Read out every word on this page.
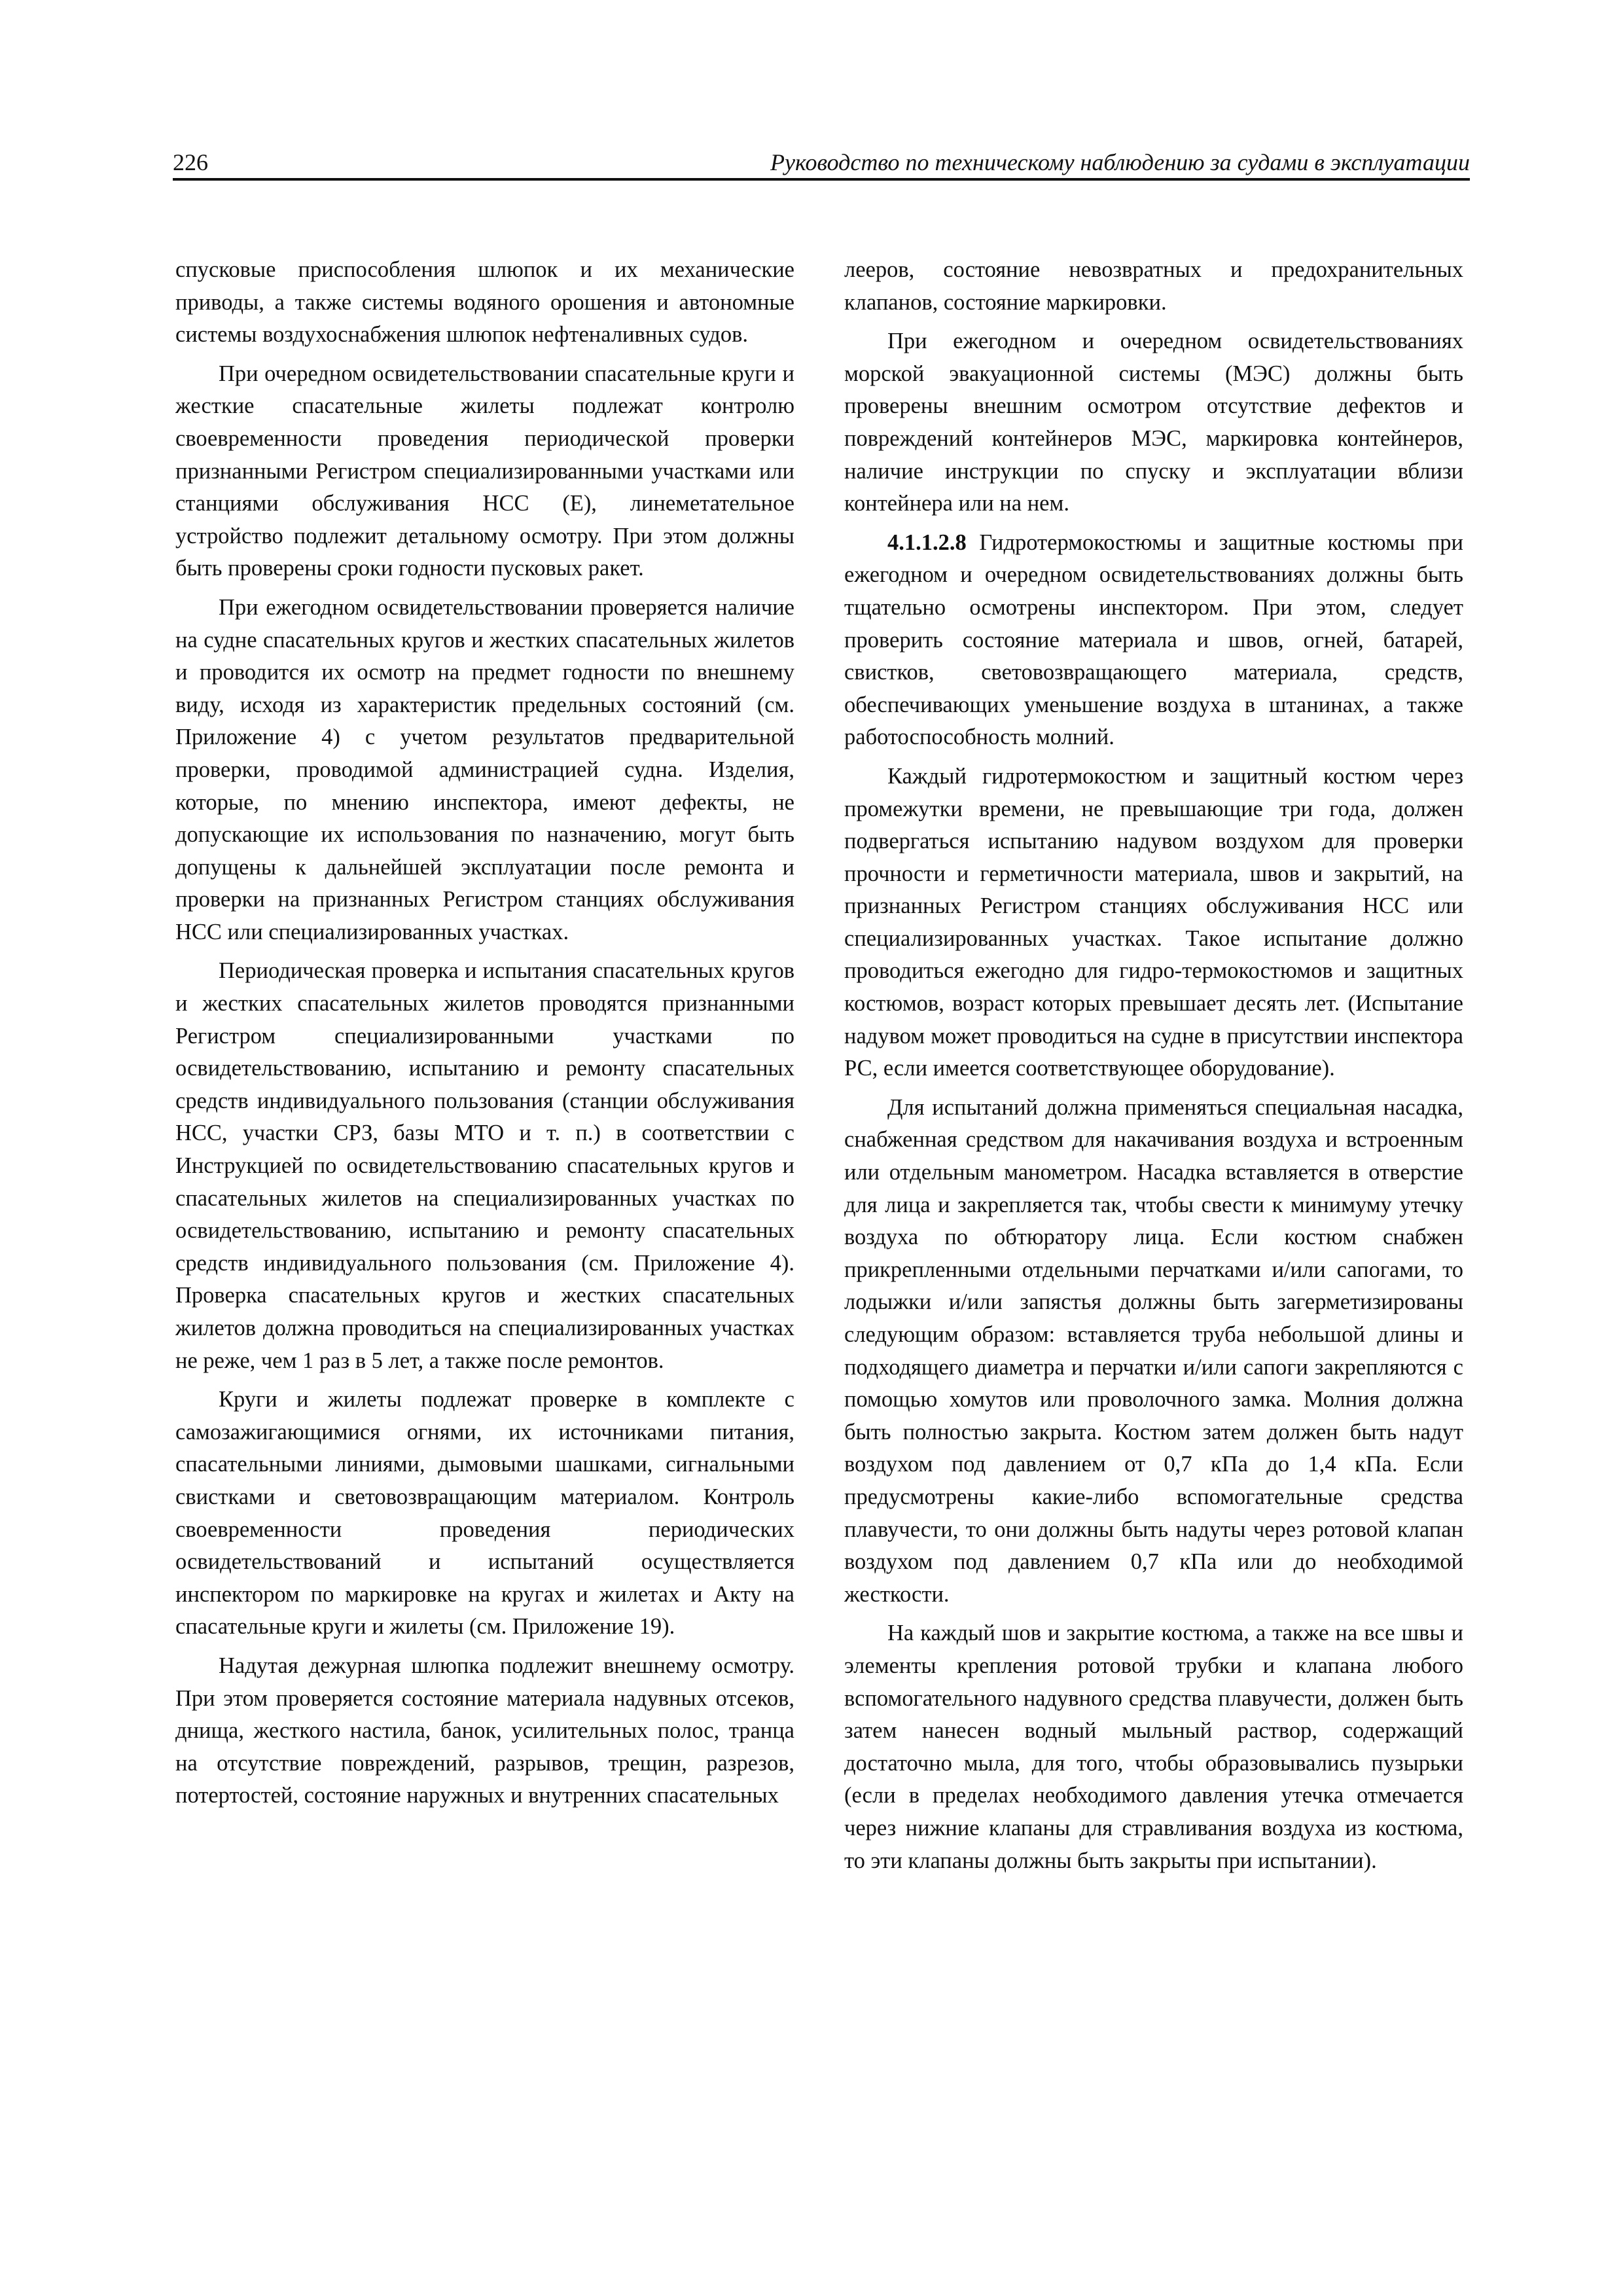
226	Руководство по техническому наблюдению за судами в эксплуатации

спусковые приспособления шлюпок и их механические приводы, а также системы водяного орошения и автономные системы воздухоснабжения шлюпок нефтеналивных судов.

При очередном освидетельствовании спасательные круги и жесткие спасательные жилеты подлежат контролю своевременности проведения периодической проверки признанными Регистром специализированными участками или станциями обслуживания НСС (Е), линеметательное устройство подлежит детальному осмотру. При этом должны быть проверены сроки годности пусковых ракет.

При ежегодном освидетельствовании проверяется наличие на судне спасательных кругов и жестких спасательных жилетов и проводится их осмотр на предмет годности по внешнему виду, исходя из характеристик предельных состояний (см. Приложение 4) с учетом результатов предварительной проверки, проводимой администрацией судна. Изделия, которые, по мнению инспектора, имеют дефекты, не допускающие их использования по назначению, могут быть допущены к дальнейшей эксплуатации после ремонта и проверки на признанных Регистром станциях обслуживания НСС или специализированных участках.

Периодическая проверка и испытания спасательных кругов и жестких спасательных жилетов проводятся признанными Регистром специализированными участками по освидетельствованию, испытанию и ремонту спасательных средств индивидуального пользования (станции обслуживания НСС, участки СРЗ, базы МТО и т. п.) в соответствии с Инструкцией по освидетельствованию спасательных кругов и спасательных жилетов на специализированных участках по освидетельствованию, испытанию и ремонту спасательных средств индивидуального пользования (см. Приложение 4). Проверка спасательных кругов и жестких спасательных жилетов должна проводиться на специализированных участках не реже, чем 1 раз в 5 лет, а также после ремонтов.

Круги и жилеты подлежат проверке в комплекте с самозажигающимися огнями, их источниками питания, спасательными линиями, дымовыми шашками, сигнальными свистками и световозвращающим материалом. Контроль своевременности проведения периодических освидетельствований и испытаний осуществляется инспектором по маркировке на кругах и жилетах и Акту на спасательные круги и жилеты (см. Приложение 19).

Надутая дежурная шлюпка подлежит внешнему осмотру. При этом проверяется состояние материала надувных отсеков, днища, жесткого настила, банок, усилительных полос, транца на отсутствие повреждений, разрывов, трещин, разрезов, потертостей, состояние наружных и внутренних спасательных

лееров, состояние невозвратных и предохранительных клапанов, состояние маркировки.

При ежегодном и очередном освидетельствованиях морской эвакуационной системы (МЭС) должны быть проверены внешним осмотром отсутствие дефектов и повреждений контейнеров МЭС, маркировка контейнеров, наличие инструкции по спуску и эксплуатации вблизи контейнера или на нем.

4.1.1.2.8 Гидротермокостюмы и защитные костюмы при ежегодном и очередном освидетельствованиях должны быть тщательно осмотрены инспектором. При этом, следует проверить состояние материала и швов, огней, батарей, свистков, световозвращающего материала, средств, обеспечивающих уменьшение воздуха в штанинах, а также работоспособность молний.

Каждый гидротермокостюм и защитный костюм через промежутки времени, не превышающие три года, должен подвергаться испытанию надувом воздухом для проверки прочности и герметичности материала, швов и закрытий, на признанных Регистром станциях обслуживания НСС или специализированных участках. Такое испытание должно проводиться ежегодно для гидро-термокостюмов и защитных костюмов, возраст которых превышает десять лет. (Испытание надувом может проводиться на судне в присутствии инспектора РС, если имеется соответствующее оборудование).

Для испытаний должна применяться специальная насадка, снабженная средством для накачивания воздуха и встроенным или отдельным манометром. Насадка вставляется в отверстие для лица и закрепляется так, чтобы свести к минимуму утечку воздуха по обтюратору лица. Если костюм снабжен прикрепленными отдельными перчатками и/или сапогами, то лодыжки и/или запястья должны быть загерметизированы следующим образом: вставляется труба небольшой длины и подходящего диаметра и перчатки и/или сапоги закрепляются с помощью хомутов или проволочного замка. Молния должна быть полностью закрыта. Костюм затем должен быть надут воздухом под давлением от 0,7 кПа до 1,4 кПа. Если предусмотрены какие-либо вспомогательные средства плавучести, то они должны быть надуты через ротовой клапан воздухом под давлением 0,7 кПа или до необходимой жесткости.

На каждый шов и закрытие костюма, а также на все швы и элементы крепления ротовой трубки и клапана любого вспомогательного надувного средства плавучести, должен быть затем нанесен водный мыльный раствор, содержащий достаточно мыла, для того, чтобы образовывались пузырьки (если в пределах необходимого давления утечка отмечается через нижние клапаны для стравливания воздуха из костюма, то эти клапаны должны быть закрыты при испытании).
